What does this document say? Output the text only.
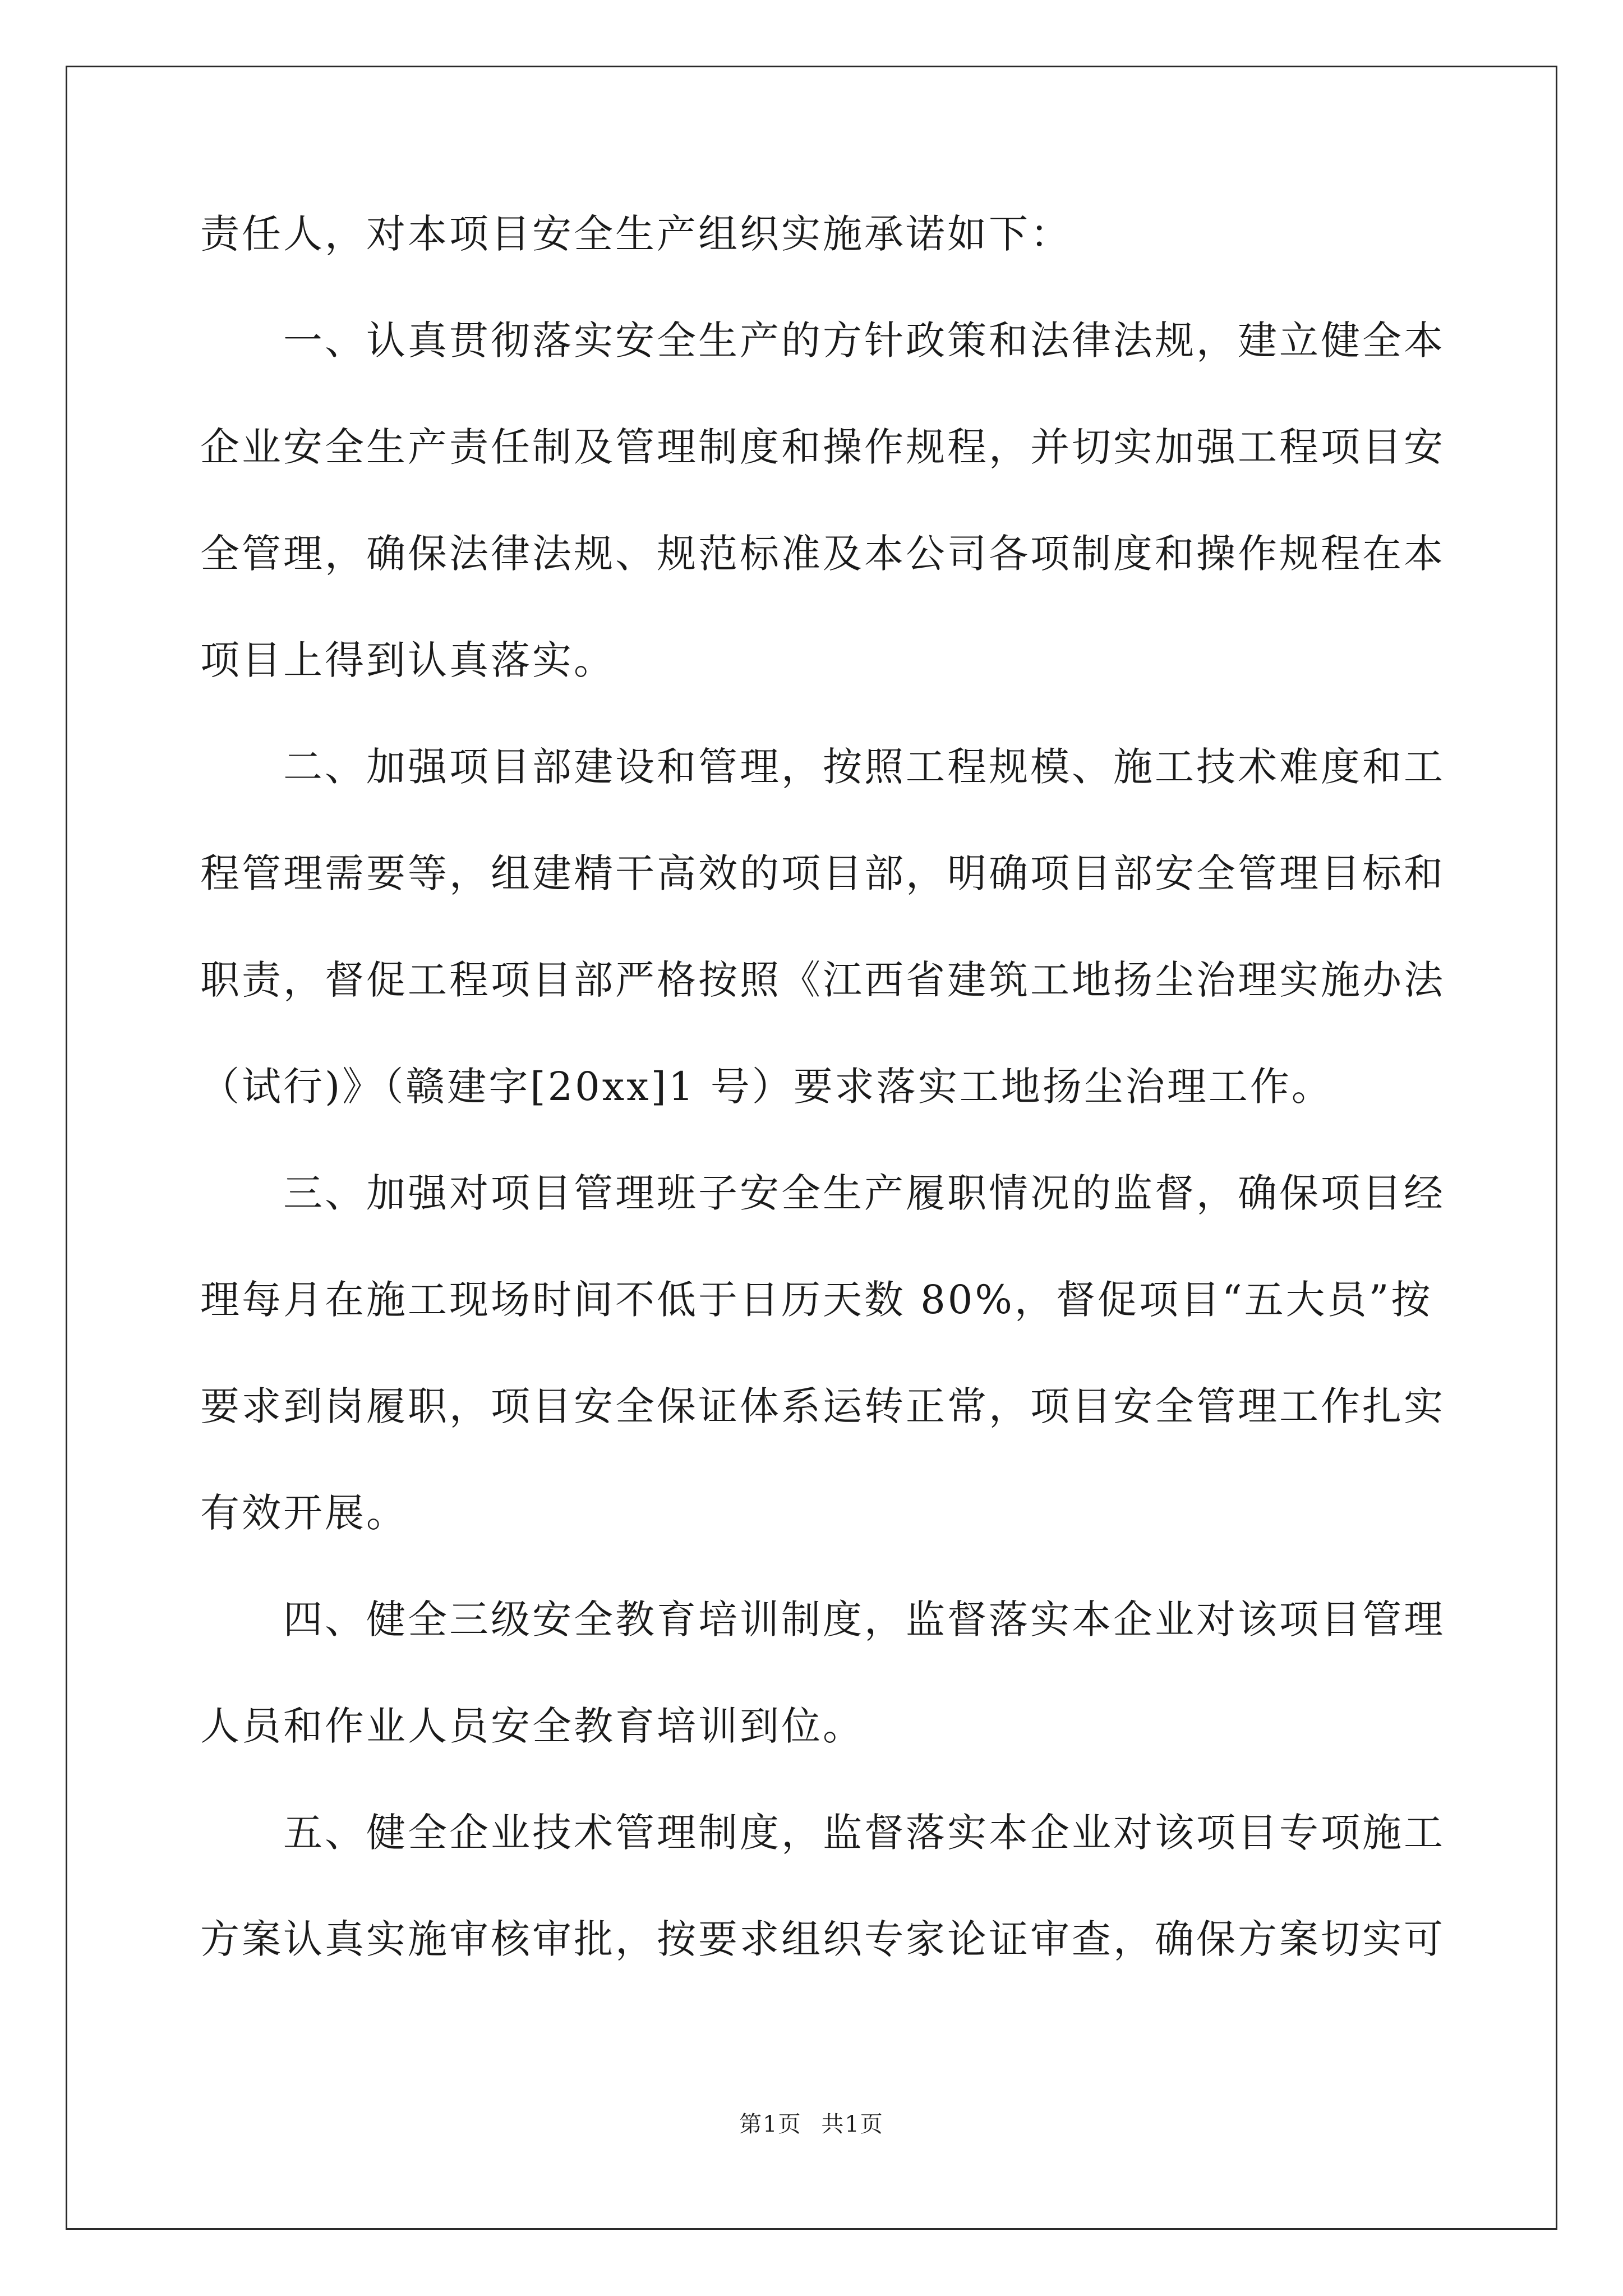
责任人，对本项目安全生产组织实施承诺如下：
一、认真贯彻落实安全生产的方针政策和法律法规，建立健全本
企业安全生产责任制及管理制度和操作规程，并切实加强工程项目安
全管理，确保法律法规、规范标准及本公司各项制度和操作规程在本
项目上得到认真落实。
二、加强项目部建设和管理，按照工程规模、施工技术难度和工
程管理需要等，组建精干高效的项目部，明确项目部安全管理目标和
职责，督促工程项目部严格按照《江西省建筑工地扬尘治理实施办法
（试行)》（赣建字[20xx]1 号）要求落实工地扬尘治理工作。
三、加强对项目管理班子安全生产履职情况的监督，确保项目经
理每月在施工现场时间不低于日历天数 80%，督促项目“五大员”按
要求到岗履职，项目安全保证体系运转正常，项目安全管理工作扎实
有效开展。
四、健全三级安全教育培训制度，监督落实本企业对该项目管理
人员和作业人员安全教育培训到位。
五、健全企业技术管理制度，监督落实本企业对该项目专项施工
方案认真实施审核审批，按要求组织专家论证审查，确保方案切实可
第1页 共1页
